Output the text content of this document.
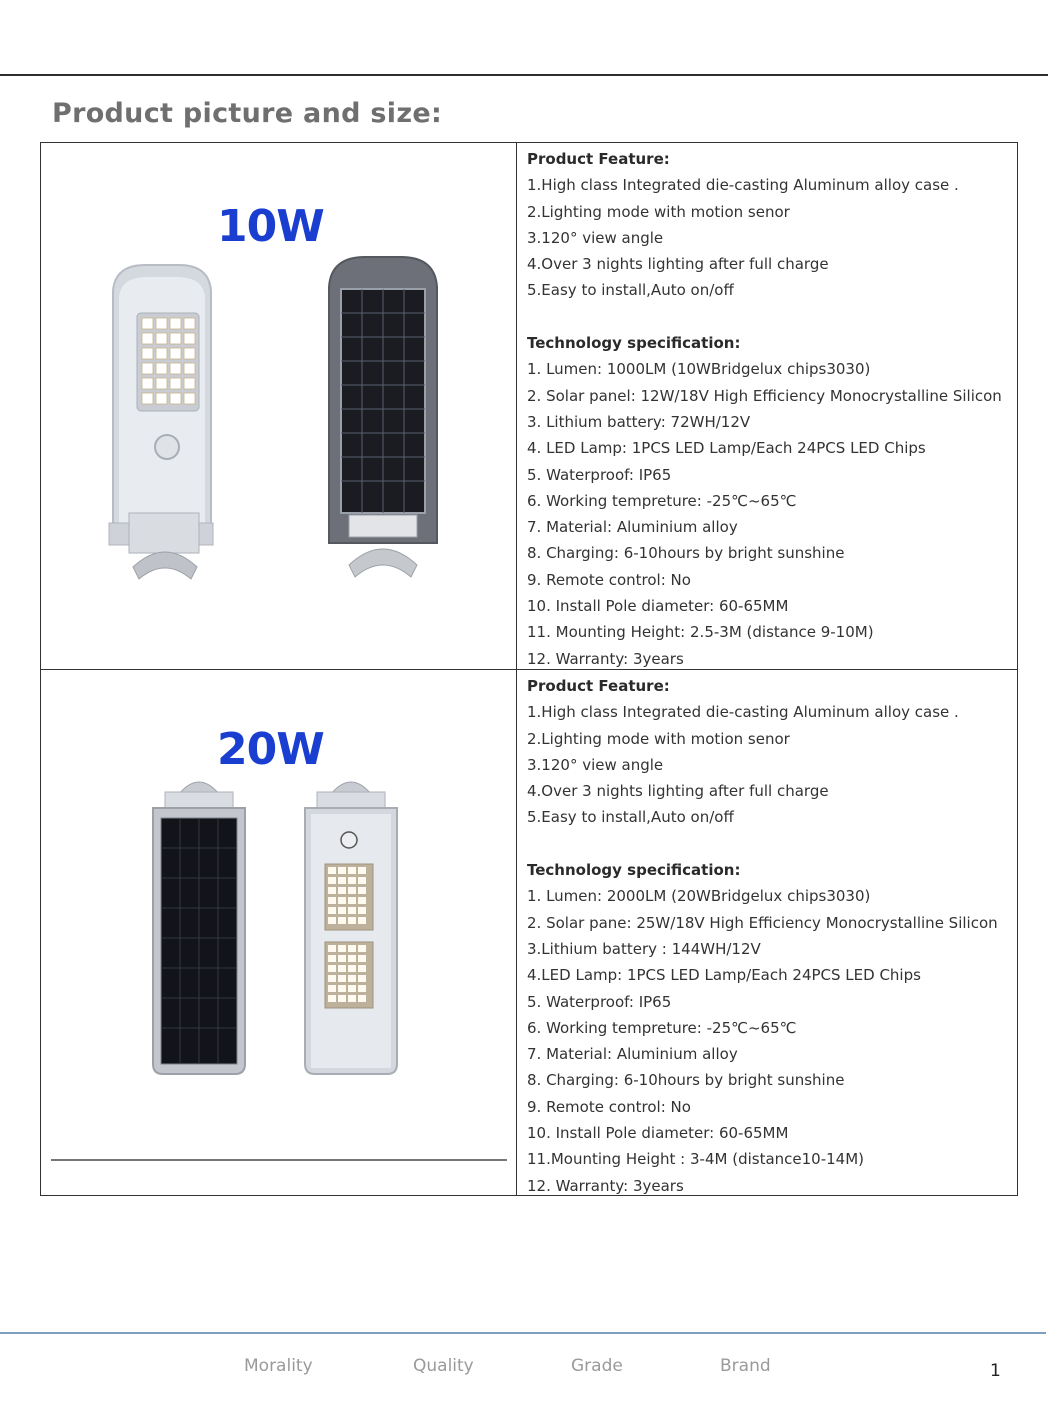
Product picture and size:
10W
Product Feature:
1.High class Integrated die-casting Aluminum alloy case .
2.Lighting mode with motion senor
3.120° view angle
4.Over 3 nights lighting after full charge
5.Easy to install,Auto on/off
Technology specification:
1. Lumen: 1000LM (10WBridgelux chips3030)
2. Solar panel: 12W/18V High Efficiency Monocrystalline Silicon
3. Lithium battery: 72WH/12V
4. LED Lamp: 1PCS LED Lamp/Each 24PCS LED Chips
5. Waterproof: IP65
6. Working tempreture: -25℃~65℃
7. Material: Aluminium alloy
8. Charging: 6-10hours by bright sunshine
9. Remote control: No
10. Install Pole diameter: 60-65MM
11. Mounting Height: 2.5-3M (distance 9-10M)
12. Warranty: 3years
20W
Product Feature:
1.High class Integrated die-casting Aluminum alloy case .
2.Lighting mode with motion senor
3.120° view angle
4.Over 3 nights lighting after full charge
5.Easy to install,Auto on/off
Technology specification:
1. Lumen: 2000LM (20WBridgelux chips3030)
2. Solar pane: 25W/18V High Efficiency Monocrystalline Silicon
3.Lithium battery : 144WH/12V
4.LED Lamp: 1PCS LED Lamp/Each 24PCS LED Chips
5. Waterproof: IP65
6. Working tempreture: -25℃~65℃
7. Material: Aluminium alloy
8. Charging: 6-10hours by bright sunshine
9. Remote control: No
10. Install Pole diameter: 60-65MM
11.Mounting Height : 3-4M (distance10-14M)
12. Warranty: 3years
Morality	Quality	Grade	Brand	1
